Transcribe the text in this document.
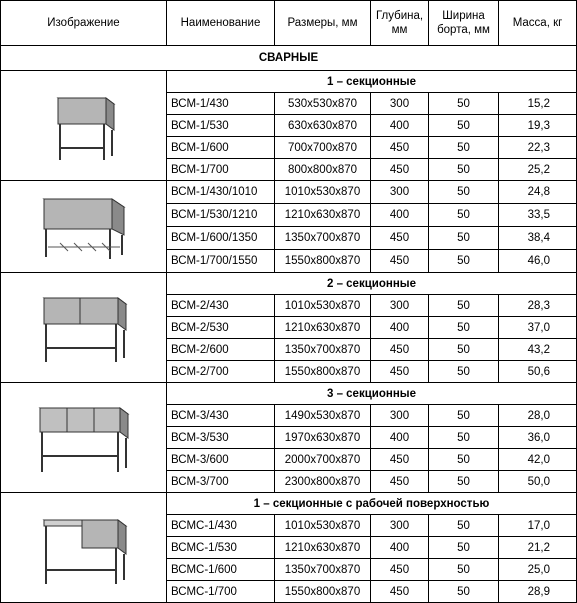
Изображение	Наименование	Размеры, мм	Глубина, мм	Ширина борта, мм	Масса, кг
СВАРНЫЕ					

	1 – секционные				
	ВСМ-1/430	530х530х870	300	50	15,2
	ВСМ-1/530	630х630х870	400	50	19,3
	ВСМ-1/600	700х700х870	450	50	22,3
	ВСМ-1/700	800х800х870	450	50	25,2

	ВСМ-1/430/1010	1010х530х870	300	50	24,8
	ВСМ-1/530/1210	1210х630х870	400	50	33,5
	ВСМ-1/600/1350	1350х700х870	450	50	38,4
	ВСМ-1/700/1550	1550х800х870	450	50	46,0

	2 – секционные				
	ВСМ-2/430	1010х530х870	300	50	28,3
	ВСМ-2/530	1210х630х870	400	50	37,0
	ВСМ-2/600	1350х700х870	450	50	43,2
	ВСМ-2/700	1550х800х870	450	50	50,6

	3 – секционные				
	ВСМ-3/430	1490х530х870	300	50	28,0
	ВСМ-3/530	1970х630х870	400	50	36,0
	ВСМ-3/600	2000х700х870	450	50	42,0
	ВСМ-3/700	2300х800х870	450	50	50,0

	1 – секционные с рабочей поверхностью				
	ВСМС-1/430	1010х530х870	300	50	17,0
	ВСМС-1/530	1210х630х870	400	50	21,2
	ВСМС-1/600	1350х700х870	450	50	25,0
	ВСМС-1/700	1550х800х870	450	50	28,9
